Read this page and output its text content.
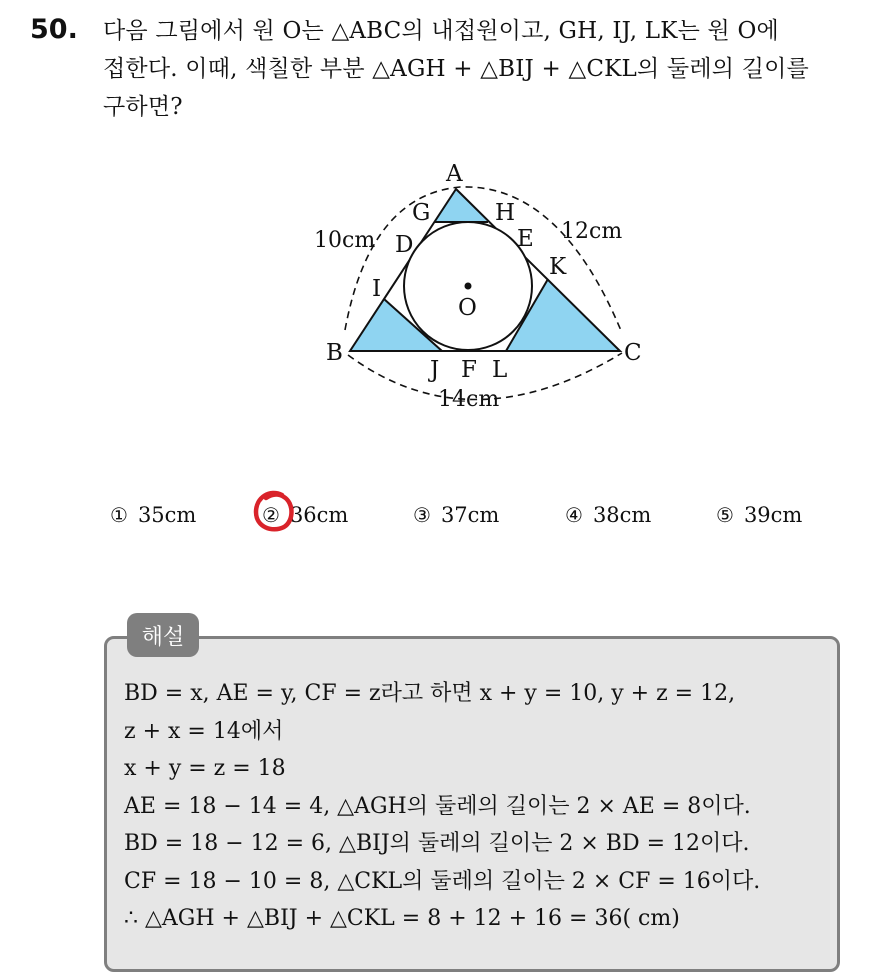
50. 다음 그림에서 원 O는 △ABC의 내접원이고, GH, IJ, LK는 원 O에
접한다. 이때, 색칠한 부분 △AGH + △BIJ + △CKL의 둘레의 길이를
구하면?
A
B	C
G	H
D	E
I
K
J F L
O
10cm	12cm
14cm
① 35cm	② 36cm	③ 37cm	④ 38cm	⑤ 39cm
해설
BD = x, AE = y, CF = z라고 하면 x + y = 10, y + z = 12,
z + x = 14에서
x + y = z = 18
AE = 18 − 14 = 4, △AGH의 둘레의 길이는 2 × AE = 8이다.
BD = 18 − 12 = 6, △BIJ의 둘레의 길이는 2 × BD = 12이다.
CF = 18 − 10 = 8, △CKL의 둘레의 길이는 2 × CF = 16이다.
∴ △AGH + △BIJ + △CKL = 8 + 12 + 16 = 36( cm)
